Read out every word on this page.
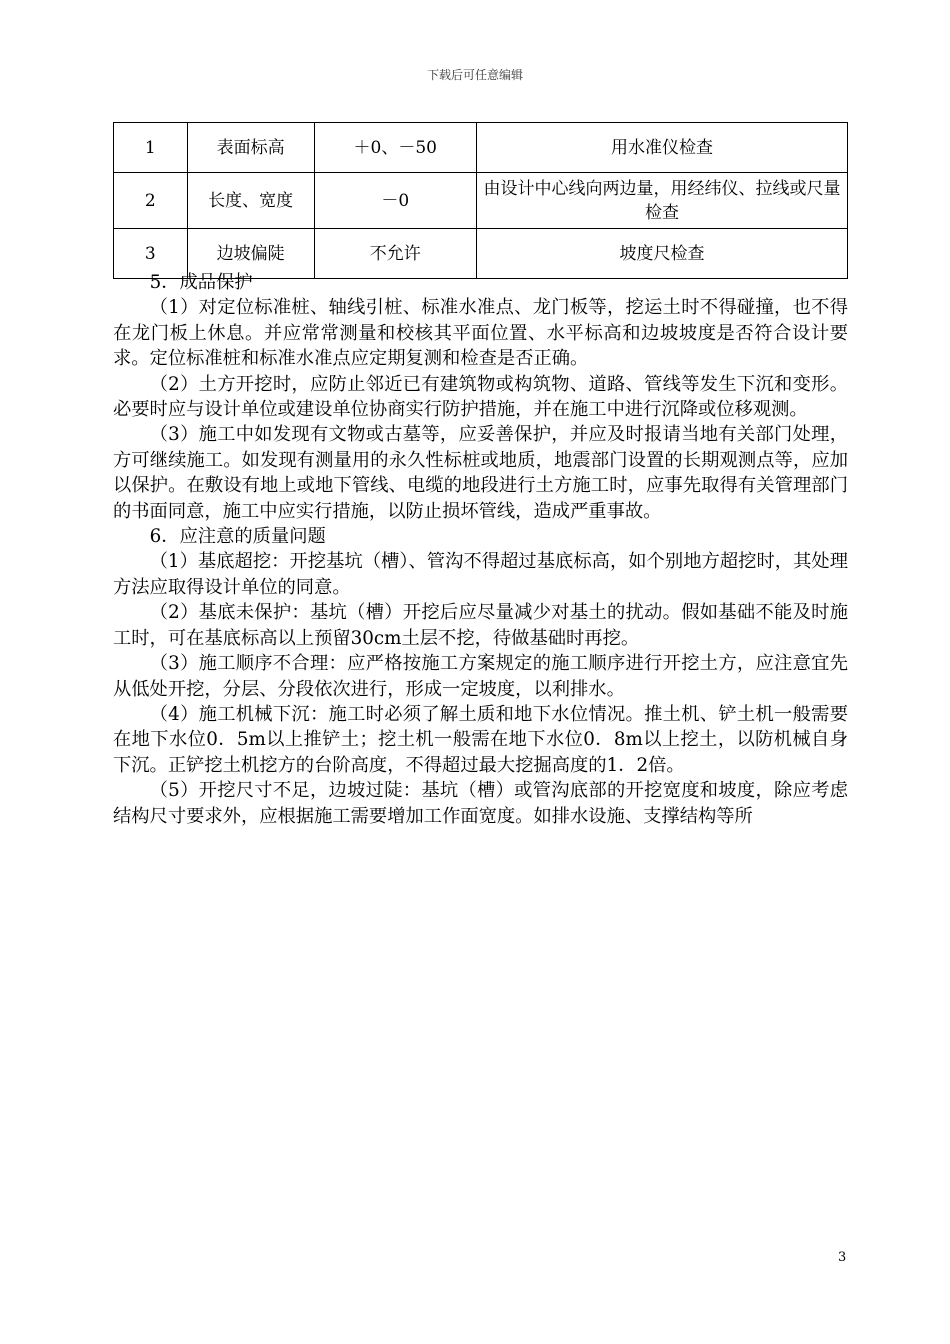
下载后可任意编辑
1	表面标高	＋0、－50	用水准仪检查
2	长度、宽度	－0	由设计中心线向两边量，用经纬仪、拉线或尺量检查
3	边坡偏陡	不允许	坡度尺检查

5．成品保护

（1）对定位标准桩、轴线引桩、标准水准点、龙门板等，挖运土时不得碰撞，也不得在龙门板上休息。并应常常测量和校核其平面位置、水平标高和边坡坡度是否符合设计要求。定位标准桩和标准水准点应定期复测和检查是否正确。

（2）土方开挖时，应防止邻近已有建筑物或构筑物、道路、管线等发生下沉和变形。必要时应与设计单位或建设单位协商实行防护措施，并在施工中进行沉降或位移观测。

（3）施工中如发现有文物或古墓等，应妥善保护，并应及时报请当地有关部门处理，方可继续施工。如发现有测量用的永久性标桩或地质，地震部门设置的长期观测点等，应加以保护。在敷设有地上或地下管线、电缆的地段进行土方施工时，应事先取得有关管理部门的书面同意，施工中应实行措施，以防止损坏管线，造成严重事故。

6．应注意的质量问题

（1）基底超挖：开挖基坑（槽）、管沟不得超过基底标高，如个别地方超挖时，其处理方法应取得设计单位的同意。

（2）基底未保护：基坑（槽）开挖后应尽量减少对基土的扰动。假如基础不能及时施工时，可在基底标高以上预留30cm土层不挖，待做基础时再挖。

（3）施工顺序不合理：应严格按施工方案规定的施工顺序进行开挖土方，应注意宜先从低处开挖，分层、分段依次进行，形成一定坡度，以利排水。

（4）施工机械下沉：施工时必须了解土质和地下水位情况。推土机、铲土机一般需要在地下水位0．5m以上推铲土；挖土机一般需在地下水位0．8m以上挖土，以防机械自身下沉。正铲挖土机挖方的台阶高度，不得超过最大挖掘高度的1．2倍。

（5）开挖尺寸不足，边坡过陡：基坑（槽）或管沟底部的开挖宽度和坡度，除应考虑结构尺寸要求外，应根据施工需要增加工作面宽度。如排水设施、支撑结构等所

3
